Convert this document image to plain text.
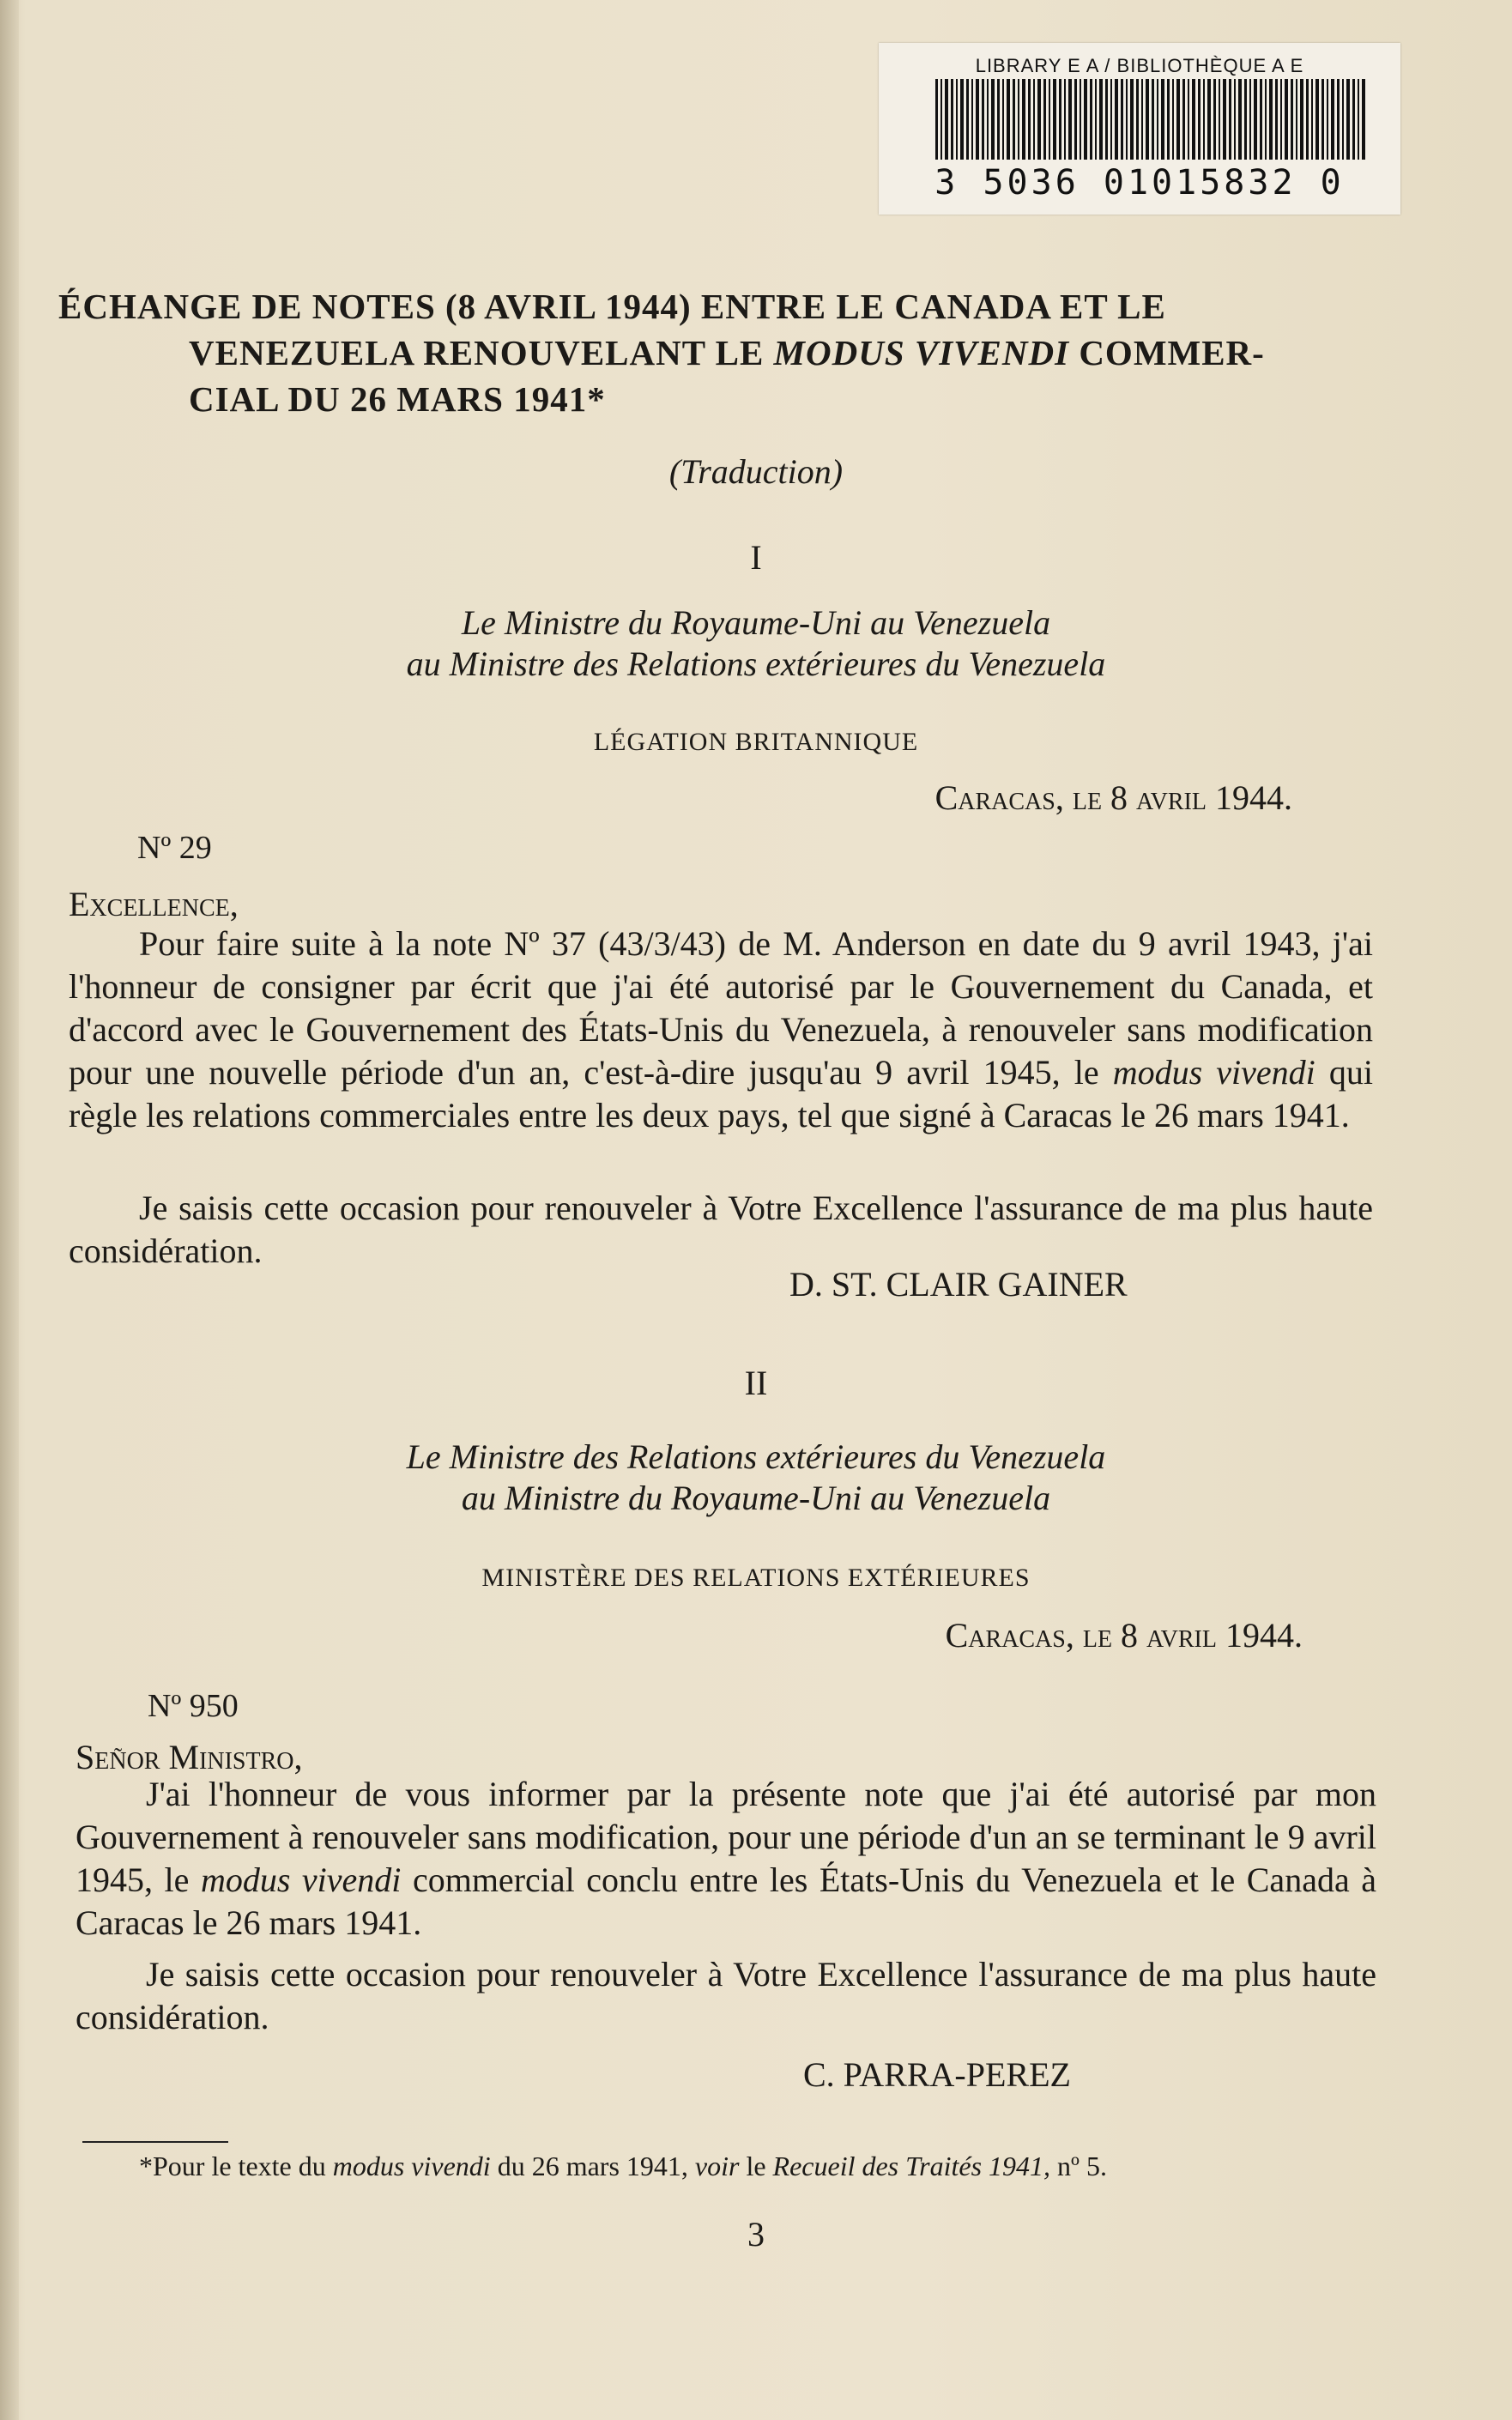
LIBRARY E A / BIBLIOTHÈQUE A E
3 5036 01015832 0
ÉCHANGE DE NOTES (8 AVRIL 1944) ENTRE LE CANADA ET LE
VENEZUELA RENOUVELANT LE MODUS VIVENDI COMMER-
CIAL DU 26 MARS 1941*
(Traduction)
I
Le Ministre du Royaume-Uni au Venezuela
au Ministre des Relations extérieures du Venezuela
LÉGATION BRITANNIQUE
Caracas, le 8 avril 1944.
Nº 29
Excellence,
Pour faire suite à la note Nº 37 (43/3/43) de M. Anderson en date du 9 avril 1943, j'ai l'honneur de consigner par écrit que j'ai été autorisé par le Gouvernement du Canada, et d'accord avec le Gouvernement des États-Unis du Venezuela, à renouveler sans modification pour une nouvelle période d'un an, c'est-à-dire jusqu'au 9 avril 1945, le modus vivendi qui règle les relations commerciales entre les deux pays, tel que signé à Caracas le 26 mars 1941.
Je saisis cette occasion pour renouveler à Votre Excellence l'assurance de ma plus haute considération.
D. ST. CLAIR GAINER
II
Le Ministre des Relations extérieures du Venezuela
au Ministre du Royaume-Uni au Venezuela
MINISTÈRE DES RELATIONS EXTÉRIEURES
Caracas, le 8 avril 1944.
Nº 950
Señor Ministro,
J'ai l'honneur de vous informer par la présente note que j'ai été autorisé par mon Gouvernement à renouveler sans modification, pour une période d'un an se terminant le 9 avril 1945, le modus vivendi commercial conclu entre les États-Unis du Venezuela et le Canada à Caracas le 26 mars 1941.
Je saisis cette occasion pour renouveler à Votre Excellence l'assurance de ma plus haute considération.
C. PARRA-PEREZ
*Pour le texte du modus vivendi du 26 mars 1941, voir le Recueil des Traités 1941, nº 5.
3
